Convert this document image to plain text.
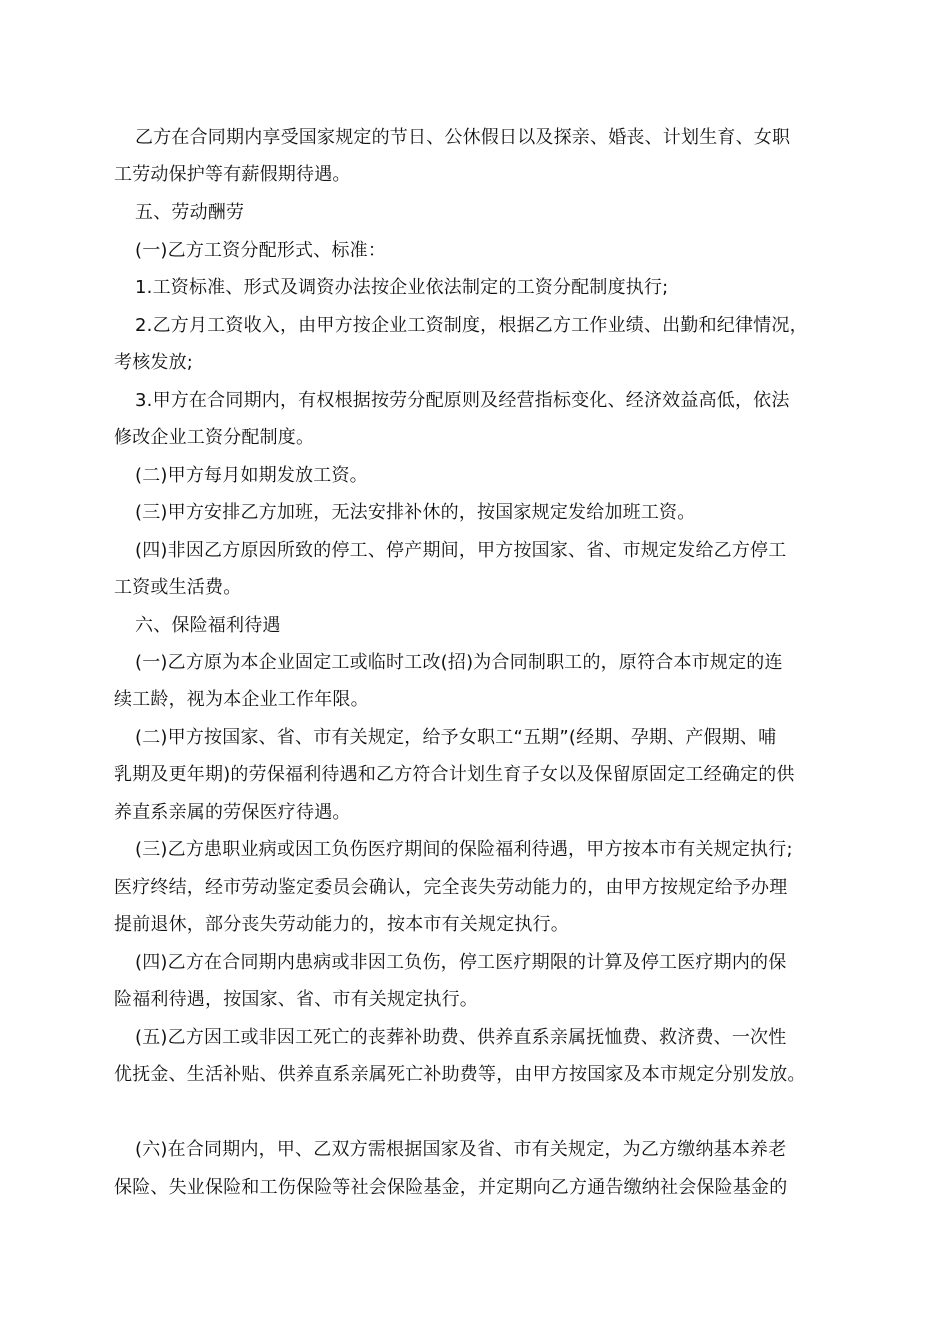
乙方在合同期内享受国家规定的节日、公休假日以及探亲、婚丧、计划生育、女职
工劳动保护等有薪假期待遇。
五、劳动酬劳
(一)乙方工资分配形式、标准：
1.工资标准、形式及调资办法按企业依法制定的工资分配制度执行;
2.乙方月工资收入，由甲方按企业工资制度，根据乙方工作业绩、出勤和纪律情况，
考核发放;
3.甲方在合同期内，有权根据按劳分配原则及经营指标变化、经济效益高低，依法
修改企业工资分配制度。
(二)甲方每月如期发放工资。
(三)甲方安排乙方加班，无法安排补休的，按国家规定发给加班工资。
(四)非因乙方原因所致的停工、停产期间，甲方按国家、省、市规定发给乙方停工
工资或生活费。
六、保险福利待遇
(一)乙方原为本企业固定工或临时工改(招)为合同制职工的，原符合本市规定的连
续工龄，视为本企业工作年限。
(二)甲方按国家、省、市有关规定，给予女职工“五期”(经期、孕期、产假期、哺
乳期及更年期)的劳保福利待遇和乙方符合计划生育子女以及保留原固定工经确定的供
养直系亲属的劳保医疗待遇。
(三)乙方患职业病或因工负伤医疗期间的保险福利待遇，甲方按本市有关规定执行;
医疗终结，经市劳动鉴定委员会确认，完全丧失劳动能力的，由甲方按规定给予办理
提前退休，部分丧失劳动能力的，按本市有关规定执行。
(四)乙方在合同期内患病或非因工负伤，停工医疗期限的计算及停工医疗期内的保
险福利待遇，按国家、省、市有关规定执行。
(五)乙方因工或非因工死亡的丧葬补助费、供养直系亲属抚恤费、救济费、一次性
优抚金、生活补贴、供养直系亲属死亡补助费等，由甲方按国家及本市规定分别发放。
(六)在合同期内，甲、乙双方需根据国家及省、市有关规定，为乙方缴纳基本养老
保险、失业保险和工伤保险等社会保险基金，并定期向乙方通告缴纳社会保险基金的
